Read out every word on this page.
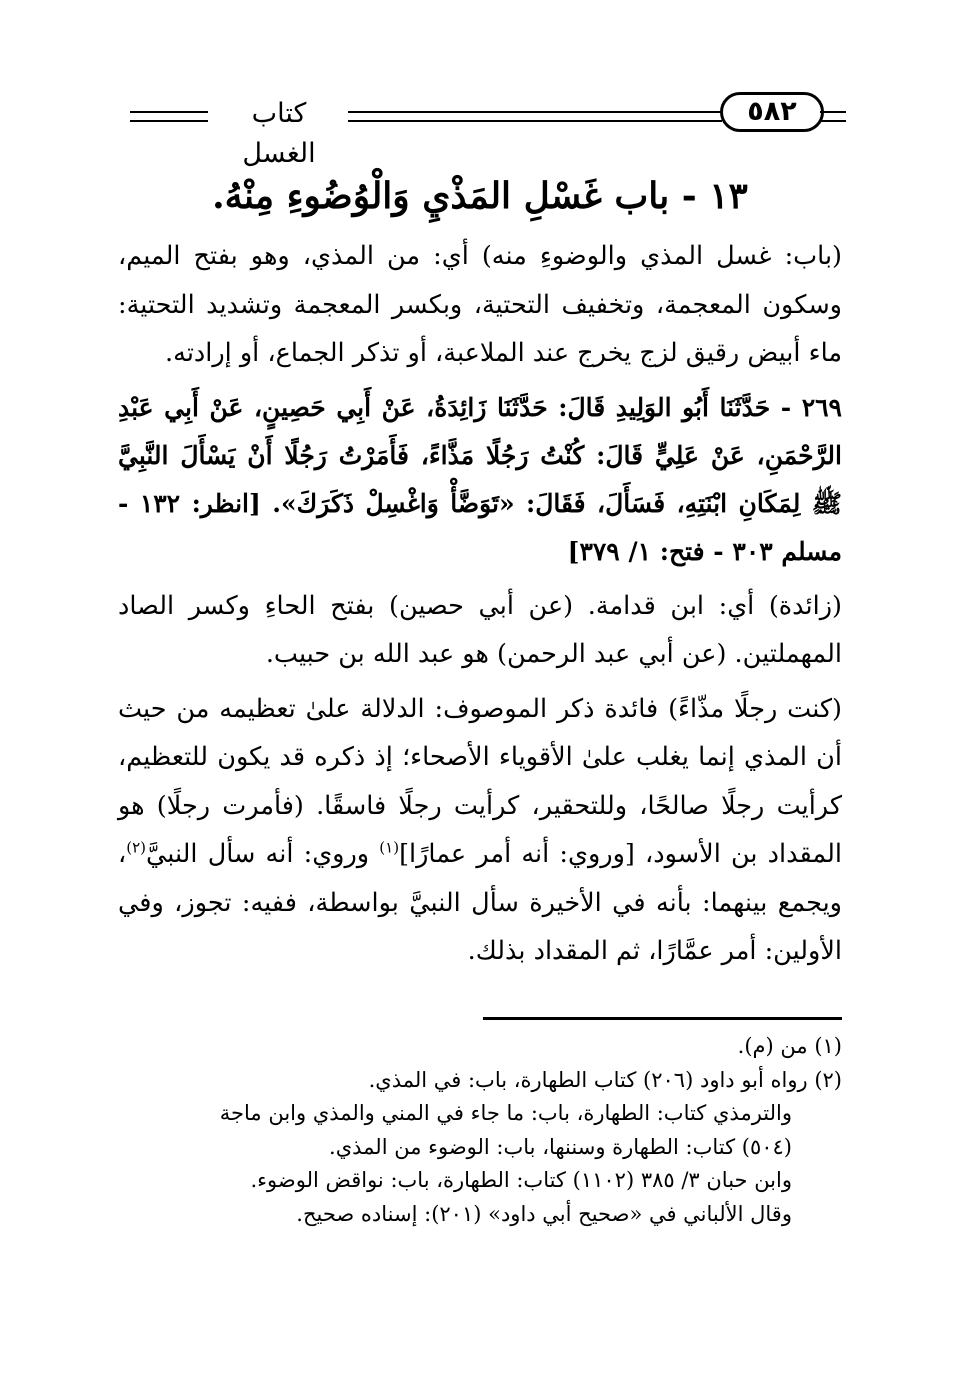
كتاب الغسل
٥٨٢

١٣ - باب غَسْلِ المَذْيِ وَالْوُضُوءِ مِنْهُ.

(باب: غسل المذي والوضوءِ منه) أي: من المذي، وهو بفتح الميم، وسكون المعجمة، وتخفيف التحتية، وبكسر المعجمة وتشديد التحتية: ماء أبيض رقيق لزج يخرج عند الملاعبة، أو تذكر الجماع، أو إرادته.

٢٦٩ - حَدَّثَنَا أَبُو الوَلِيدِ قَالَ: حَدَّثَنَا زَائِدَةُ، عَنْ أَبِي حَصِينٍ، عَنْ أَبِي عَبْدِ الرَّحْمَنِ، عَنْ عَلِيٍّ قَالَ: كُنْتُ رَجُلًا مَذَّاءً، فَأَمَرْتُ رَجُلًا أَنْ يَسْأَلَ النَّبِيَّ ﷺ لِمَكَانِ ابْنَتِهِ، فَسَأَلَ، فَقَالَ: «تَوَضَّأْ وَاغْسِلْ ذَكَرَكَ». [انظر: ١٣٢ - مسلم ٣٠٣ - فتح: ١/ ٣٧٩]

(زائدة) أي: ابن قدامة. (عن أبي حصين) بفتح الحاءِ وكسر الصاد المهملتين. (عن أبي عبد الرحمن) هو عبد الله بن حبيب.

(كنت رجلًا مذّاءً) فائدة ذكر الموصوف: الدلالة علىٰ تعظيمه من حيث أن المذي إنما يغلب علىٰ الأقوياء الأصحاء؛ إذ ذكره قد يكون للتعظيم، كرأيت رجلًا صالحًا، وللتحقير، كرأيت رجلًا فاسقًا. (فأمرت رجلًا) هو المقداد بن الأسود، [وروي: أنه أمر عمارًا]$^{(١)}$ وروي: أنه سأل النبيَّ$^{(٢)}$، ويجمع بينهما: بأنه في الأخيرة سأل النبيَّ بواسطة، ففيه: تجوز، وفي الأولين: أمر عمَّارًا، ثم المقداد بذلك.

(١) من (م).

(٢) رواه أبو داود (٢٠٦) كتاب الطهارة، باب: في المذي.

والترمذي كتاب: الطهارة، باب: ما جاء في المني والمذي وابن ماجة

(٥٠٤) كتاب: الطهارة وسننها، باب: الوضوء من المذي.

وابن حبان ٣/ ٣٨٥ (١١٠٢) كتاب: الطهارة، باب: نواقض الوضوء.

وقال الألباني في «صحيح أبي داود» (٢٠١): إسناده صحيح.
